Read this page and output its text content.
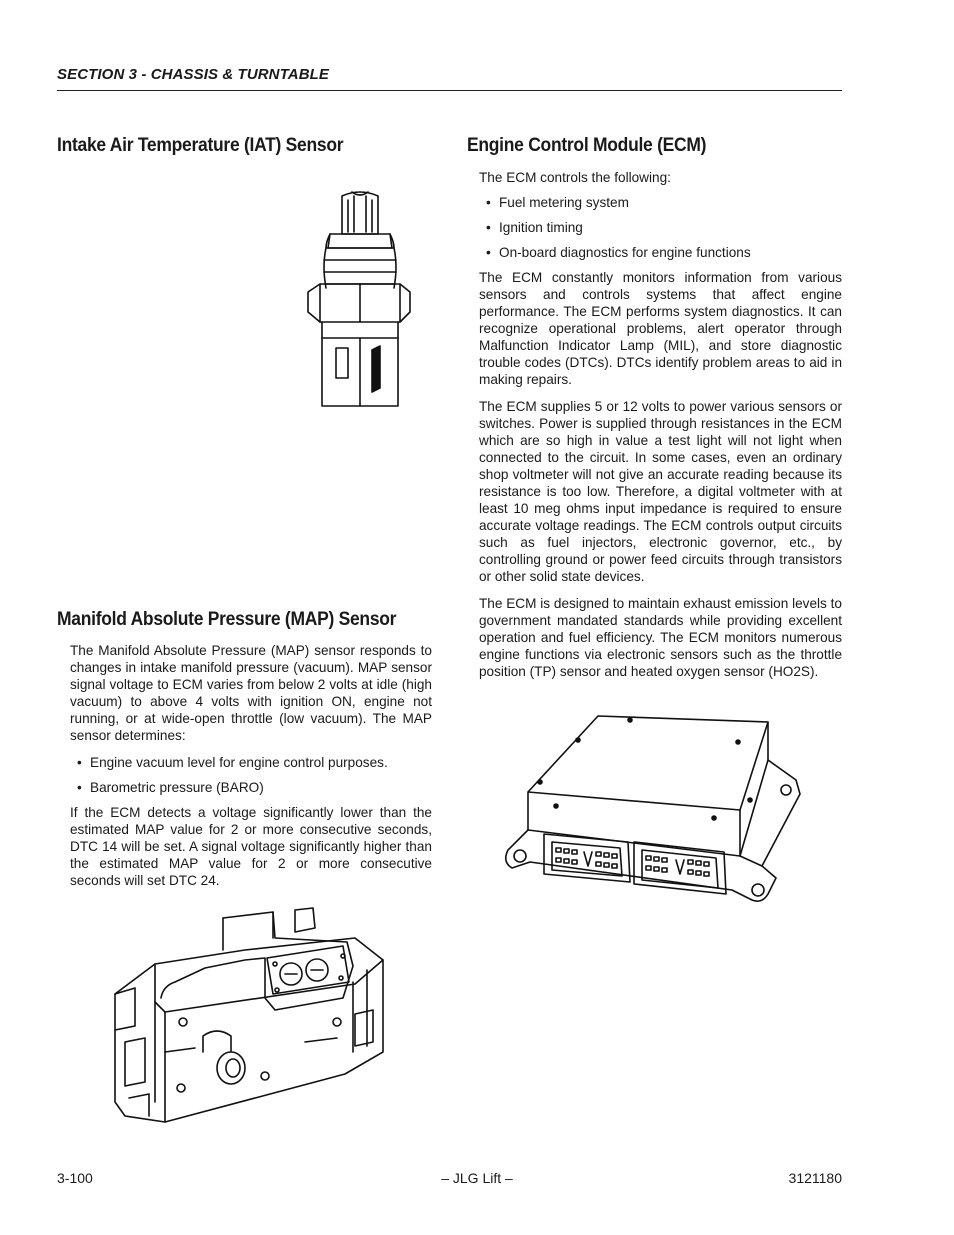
SECTION 3 - CHASSIS & TURNTABLE
Intake Air Temperature (IAT) Sensor
Manifold Absolute Pressure (MAP) Sensor

The Manifold Absolute Pressure (MAP) sensor responds to changes in intake manifold pressure (vacuum). MAP sensor signal voltage to ECM varies from below 2 volts at idle (high vacuum) to above 4 volts with ignition ON, engine not running, or at wide-open throttle (low vacuum). The MAP sensor determines:

• Engine vacuum level for engine control purposes.
• Barometric pressure (BARO)

If the ECM detects a voltage significantly lower than the estimated MAP value for 2 or more consecutive seconds, DTC 14 will be set. A signal voltage significantly higher than the estimated MAP value for 2 or more consecutive seconds will set DTC 24.

Engine Control Module (ECM)

The ECM controls the following:

• Fuel metering system
• Ignition timing
• On-board diagnostics for engine functions

The ECM constantly monitors information from various sensors and controls systems that affect engine performance. The ECM performs system diagnostics. It can recognize operational problems, alert operator through Malfunction Indicator Lamp (MIL), and store diagnostic trouble codes (DTCs). DTCs identify problem areas to aid in making repairs.

The ECM supplies 5 or 12 volts to power various sensors or switches. Power is supplied through resistances in the ECM which are so high in value a test light will not light when connected to the circuit. In some cases, even an ordinary shop voltmeter will not give an accurate reading because its resistance is too low. Therefore, a digital voltmeter with at least 10 meg ohms input impedance is required to ensure accurate voltage readings. The ECM controls output circuits such as fuel injectors, electronic governor, etc., by controlling ground or power feed circuits through transistors or other solid state devices.

The ECM is designed to maintain exhaust emission levels to government mandated standards while providing excellent operation and fuel efficiency. The ECM monitors numerous engine functions via electronic sensors such as the throttle position (TP) sensor and heated oxygen sensor (HO2S).

3-100	– JLG Lift –	3121180
